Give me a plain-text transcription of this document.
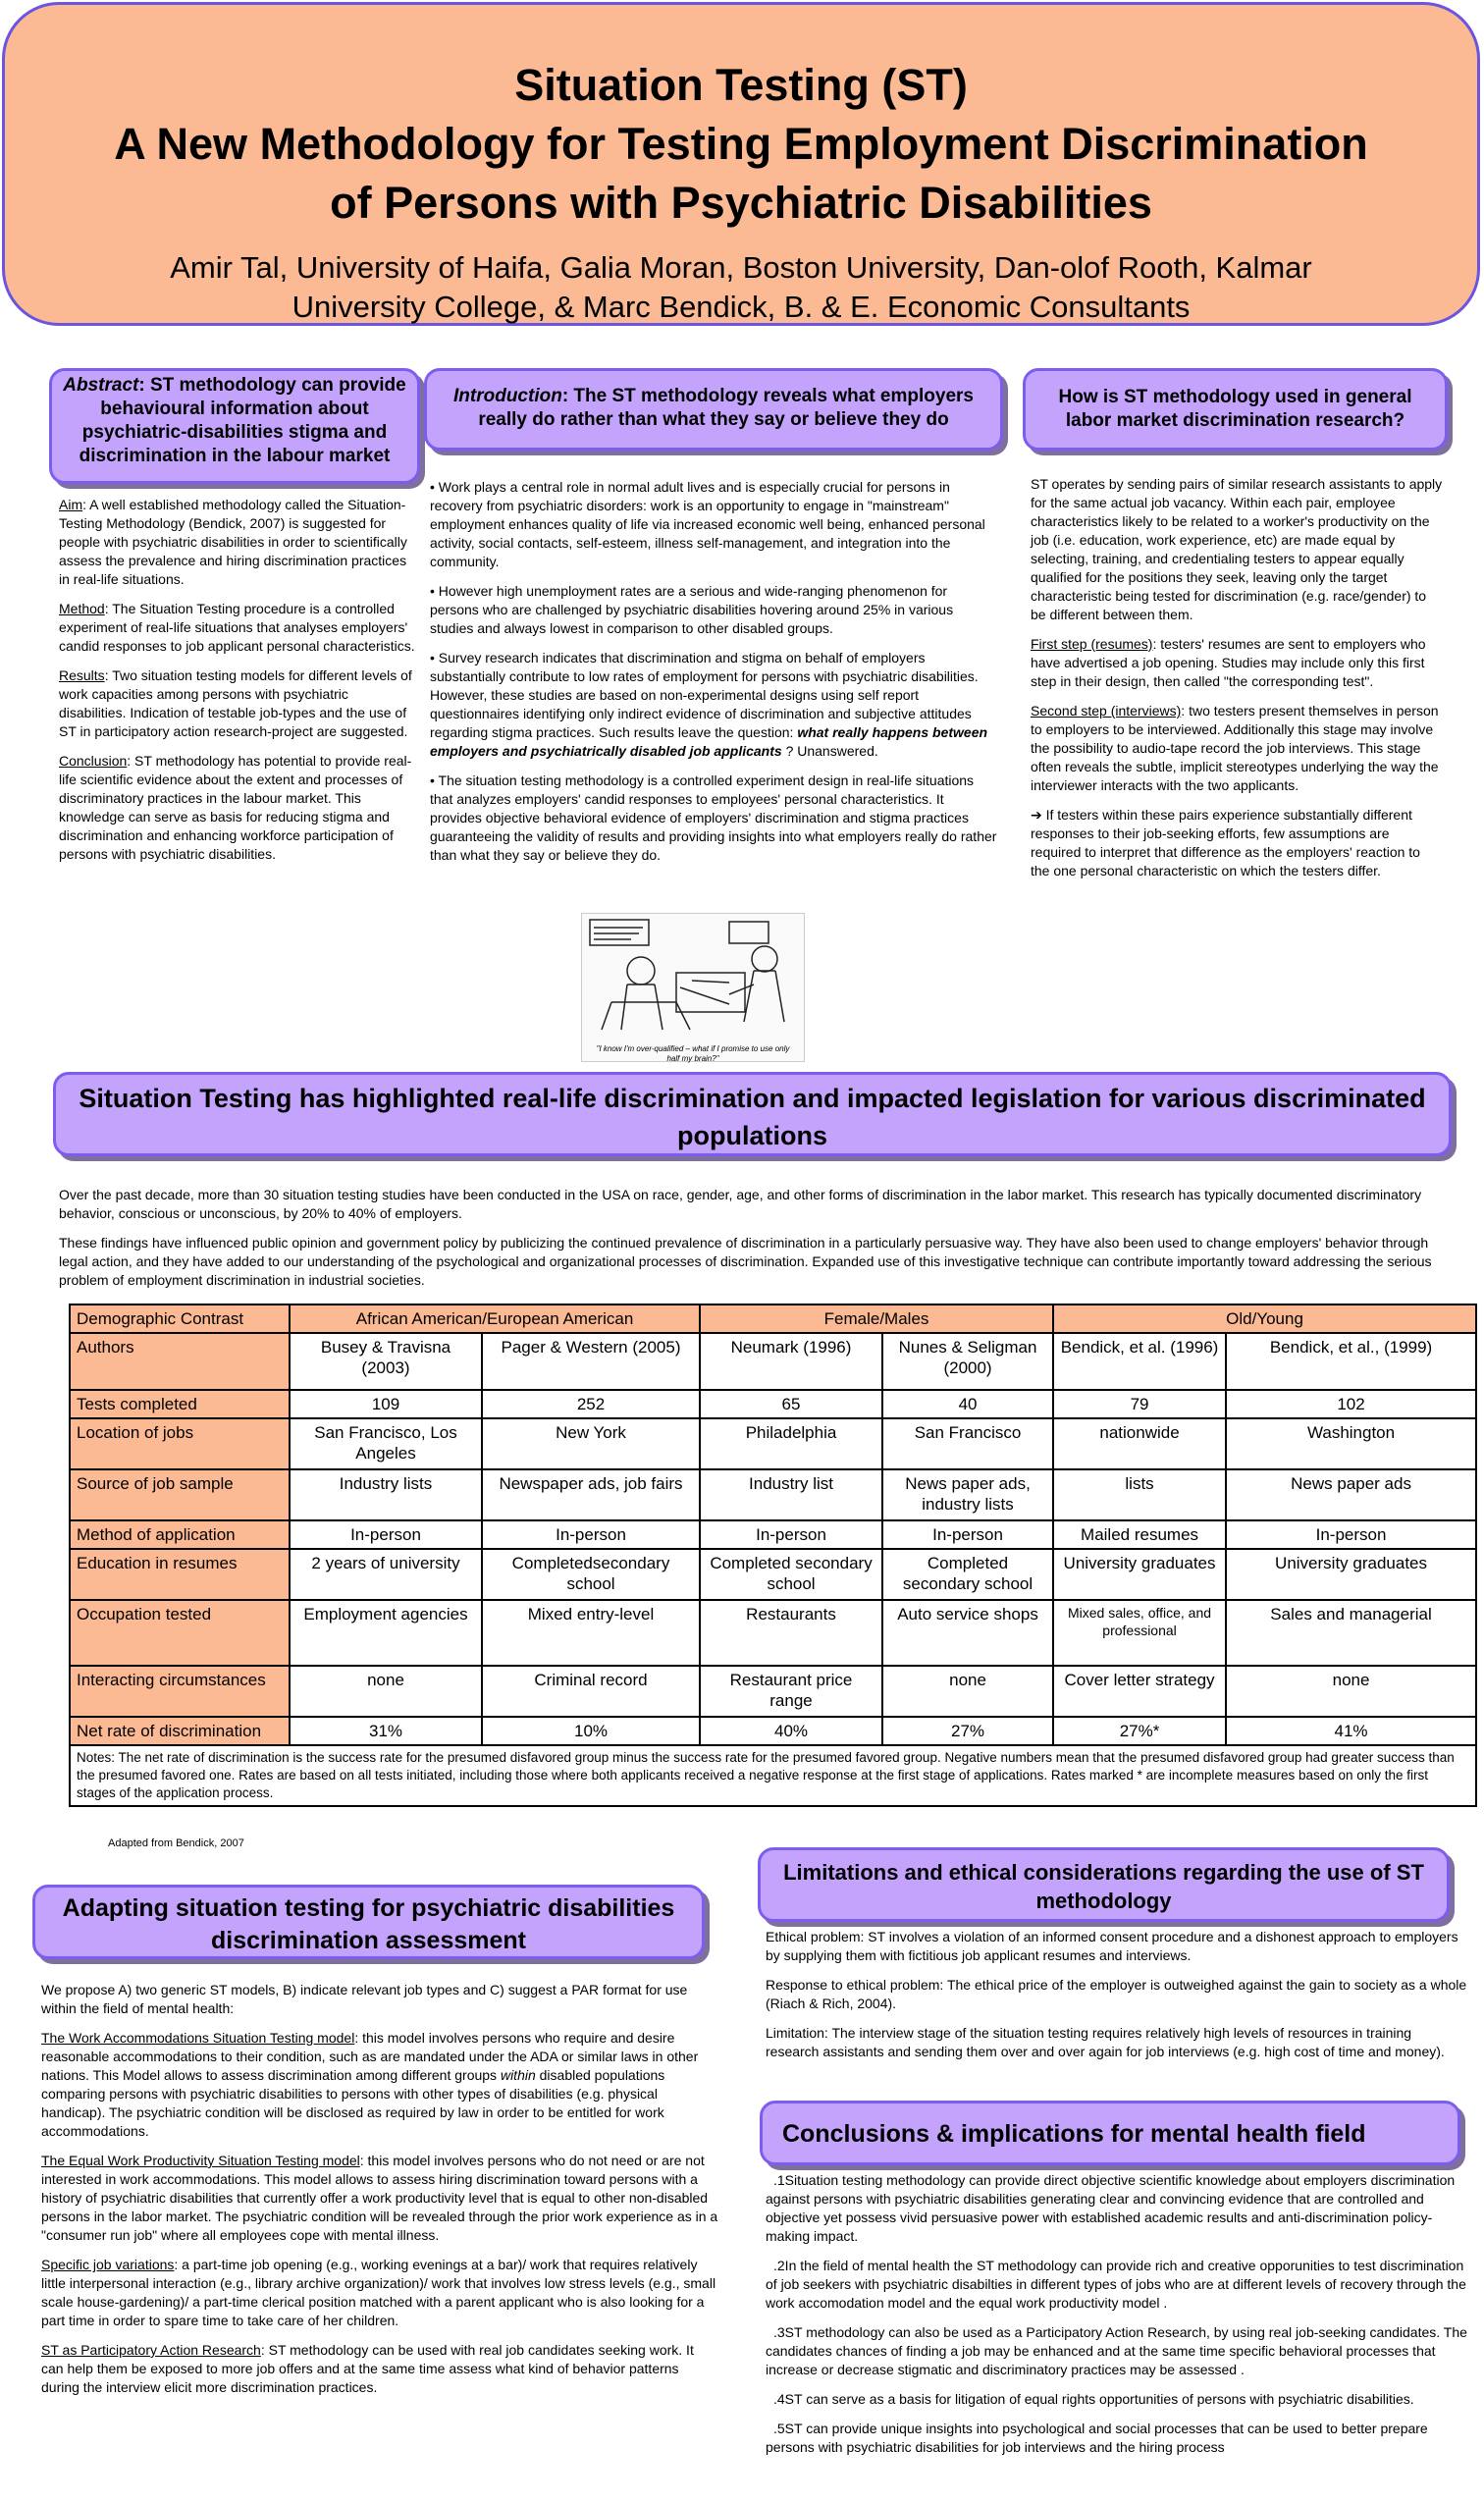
Situation Testing (ST)
A New Methodology for Testing Employment Discrimination
of Persons with Psychiatric Disabilities
Amir Tal, University of Haifa, Galia Moran, Boston University, Dan-olof Rooth, Kalmar
University College, & Marc Bendick, B. & E. Economic Consultants
Abstract: ST methodology can provide behavioural information about psychiatric-disabilities stigma and discrimination in the labour market

Aim: A well established methodology called the Situation-Testing Methodology (Bendick, 2007) is suggested for people with psychiatric disabilities in order to scientifically assess the prevalence and hiring discrimination practices in real-life situations.

Method: The Situation Testing procedure is a controlled experiment of real-life situations that analyses employers' candid responses to job applicant personal characteristics.

Results: Two situation testing models for different levels of work capacities among persons with psychiatric disabilities. Indication of testable job-types and the use of ST in participatory action research-project are suggested.

Conclusion: ST methodology has potential to provide real-life scientific evidence about the extent and processes of discriminatory practices in the labour market. This knowledge can serve as basis for reducing stigma and discrimination and enhancing workforce participation of persons with psychiatric disabilities.

Introduction: The ST methodology reveals what employers really do rather than what they say or believe they do

• Work plays a central role in normal adult lives and is especially crucial for persons in recovery from psychiatric disorders: work is an opportunity to engage in "mainstream" employment enhances quality of life via increased economic well being, enhanced personal activity, social contacts, self-esteem, illness self-management, and integration into the community.

• However high unemployment rates are a serious and wide-ranging phenomenon for persons who are challenged by psychiatric disabilities hovering around 25% in various studies and always lowest in comparison to other disabled groups.

• Survey research indicates that discrimination and stigma on behalf of employers substantially contribute to low rates of employment for persons with psychiatric disabilities. However, these studies are based on non-experimental designs using self report questionnaires identifying only indirect evidence of discrimination and subjective attitudes regarding stigma practices. Such results leave the question: what really happens between employers and psychiatrically disabled job applicants ? Unanswered.

• The situation testing methodology is a controlled experiment design in real-life situations that analyzes employers' candid responses to employees' personal characteristics. It provides objective behavioral evidence of employers' discrimination and stigma practices guaranteeing the validity of results and providing insights into what employers really do rather than what they say or believe they do.

"I know I'm over-qualified – what if I promise to use only half my brain?"
How is ST methodology used in general labor market discrimination research?

ST operates by sending pairs of similar research assistants to apply for the same actual job vacancy. Within each pair, employee characteristics likely to be related to a worker's productivity on the job (i.e. education, work experience, etc) are made equal by selecting, training, and credentialing testers to appear equally qualified for the positions they seek, leaving only the target characteristic being tested for discrimination (e.g. race/gender) to be different between them.

First step (resumes): testers' resumes are sent to employers who have advertised a job opening. Studies may include only this first step in their design, then called "the corresponding test".

Second step (interviews): two testers present themselves in person to employers to be interviewed. Additionally this stage may involve the possibility to audio-tape record the job interviews. This stage often reveals the subtle, implicit stereotypes underlying the way the interviewer interacts with the two applicants.

➔ If testers within these pairs experience substantially different responses to their job-seeking efforts, few assumptions are required to interpret that difference as the employers' reaction to the one personal characteristic on which the testers differ.

Situation Testing has highlighted real-life discrimination and impacted legislation for various discriminated populations

Over the past decade, more than 30 situation testing studies have been conducted in the USA on race, gender, age, and other forms of discrimination in the labor market. This research has typically documented discriminatory behavior, conscious or unconscious, by 20% to 40% of employers.

These findings have influenced public opinion and government policy by publicizing the continued prevalence of discrimination in a particularly persuasive way. They have also been used to change employers' behavior through legal action, and they have added to our understanding of the psychological and organizational processes of discrimination. Expanded use of this investigative technique can contribute importantly toward addressing the serious problem of employment discrimination in industrial societies.

Demographic Contrast	African American/European American		Female/Males		Old/Young	
Authors	Busey & Travisna (2003)	Pager & Western (2005)	Neumark (1996)	Nunes & Seligman (2000)	Bendick, et al. (1996)	Bendick, et al., (1999)
Tests completed	109	252	65	40	79	102
Location of jobs	San Francisco, Los Angeles	New York	Philadelphia	San Francisco	nationwide	Washington
Source of job sample	Industry lists	Newspaper ads, job fairs	Industry list	News paper ads, industry lists	lists	News paper ads
Method of application	In-person	In-person	In-person	In-person	Mailed resumes	In-person
Education in resumes	2 years of university	Completedsecondary school	Completed secondary school	Completed secondary school	University graduates	University graduates
Occupation tested	Employment agencies	Mixed entry-level	Restaurants	Auto service shops	Mixed sales, office, and professional	Sales and managerial
Interacting circumstances	none	Criminal record	Restaurant price range	none	Cover letter strategy	none
Net rate of discrimination	31%	10%	40%	27%	27%*	41%
Notes: The net rate of discrimination is the success rate for the presumed disfavored group minus the success rate for the presumed favored group. Negative numbers mean that the presumed disfavored group had greater success than the presumed favored one. Rates are based on all tests initiated, including those where both applicants received a negative response at the first stage of applications. Rates marked * are incomplete measures based on only the first stages of the application process.						
Adapted from Bendick, 2007
Adapting situation testing for psychiatric disabilities discrimination assessment

We propose A) two generic ST models, B) indicate relevant job types and C) suggest a PAR format for use within the field of mental health:

The Work Accommodations Situation Testing model: this model involves persons who require and desire reasonable accommodations to their condition, such as are mandated under the ADA or similar laws in other nations. This Model allows to assess discrimination among different groups within disabled populations comparing persons with psychiatric disabilities to persons with other types of disabilities (e.g. physical handicap). The psychiatric condition will be disclosed as required by law in order to be entitled for work accommodations.

The Equal Work Productivity Situation Testing model: this model involves persons who do not need or are not interested in work accommodations. This model allows to assess hiring discrimination toward persons with a history of psychiatric disabilities that currently offer a work productivity level that is equal to other non-disabled persons in the labor market. The psychiatric condition will be revealed through the prior work experience as in a "consumer run job" where all employees cope with mental illness.

Specific job variations: a part-time job opening (e.g., working evenings at a bar)/ work that requires relatively little interpersonal interaction (e.g., library archive organization)/ work that involves low stress levels (e.g., small scale house-gardening)/ a part-time clerical position matched with a parent applicant who is also looking for a part time in order to spare time to take care of her children.

ST as Participatory Action Research: ST methodology can be used with real job candidates seeking work. It can help them be exposed to more job offers and at the same time assess what kind of behavior patterns during the interview elicit more discrimination practices.

Limitations and ethical considerations regarding the use of ST methodology

Ethical problem: ST involves a violation of an informed consent procedure and a dishonest approach to employers by supplying them with fictitious job applicant resumes and interviews.

Response to ethical problem: The ethical price of the employer is outweighed against the gain to society as a whole (Riach & Rich, 2004).

Limitation: The interview stage of the situation testing requires relatively high levels of resources in training research assistants and sending them over and over again for job interviews (e.g. high cost of time and money).

Conclusions & implications for mental health field

.1Situation testing methodology can provide direct objective scientific knowledge about employers discrimination against persons with psychiatric disabilities generating clear and convincing evidence that are controlled and objective yet possess vivid persuasive power with established academic results and anti-discrimination policy-making impact.

.2In the field of mental health the ST methodology can provide rich and creative opporunities to test discrimination of job seekers with psychiatric disabilties in different types of jobs who are at different levels of recovery through the work accomodation model and the equal work productivity model .

.3ST methodology can also be used as a Participatory Action Research, by using real job-seeking candidates. The candidates chances of finding a job may be enhanced and at the same time specific behavioral processes that increase or decrease stigmatic and discriminatory practices may be assessed .

.4ST can serve as a basis for litigation of equal rights opportunities of persons with psychiatric disabilities.

.5ST can provide unique insights into psychological and social processes that can be used to better prepare persons with psychiatric disabilities for job interviews and the hiring process
